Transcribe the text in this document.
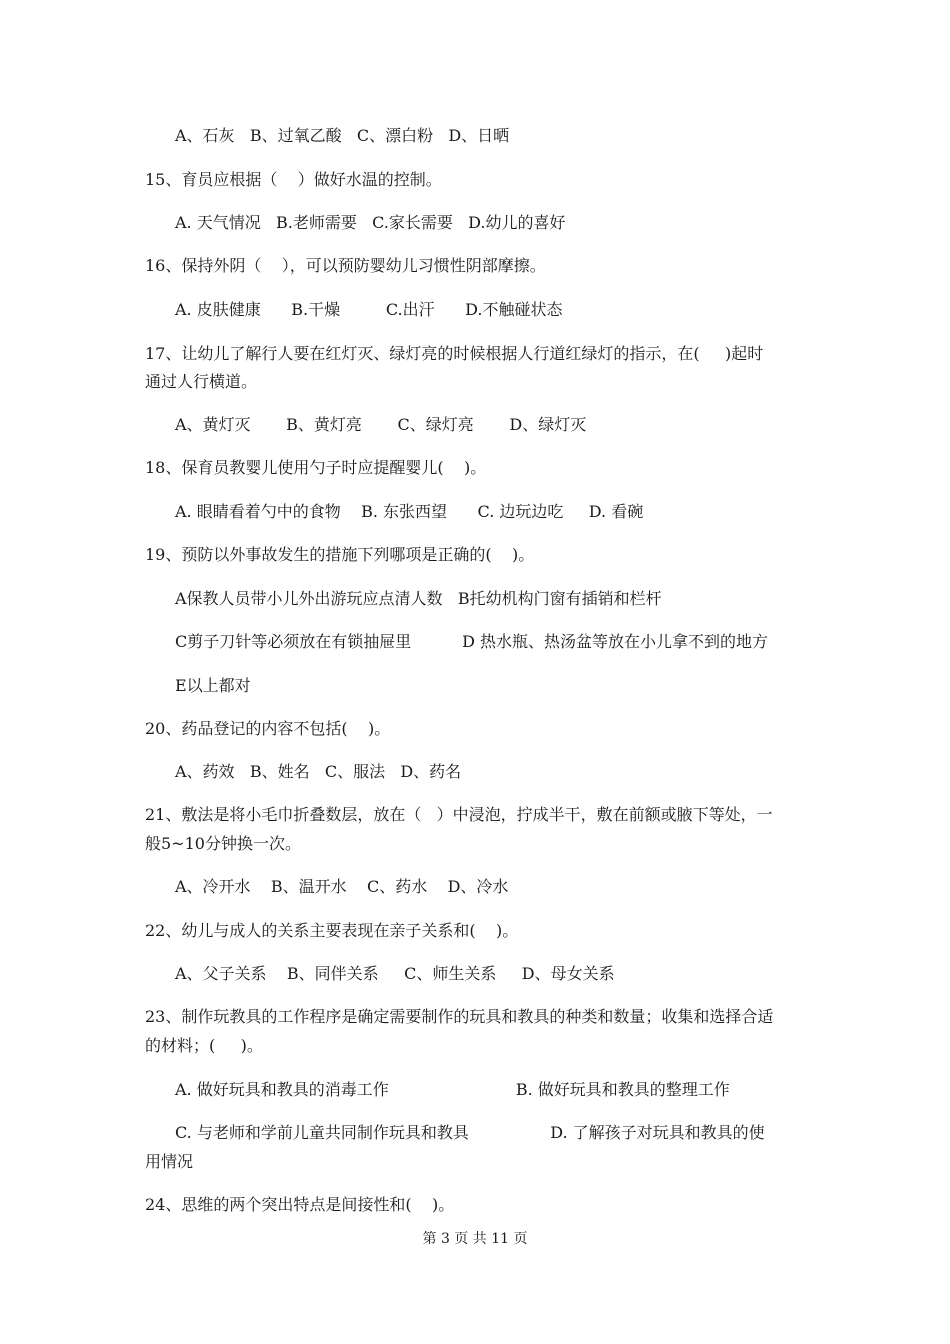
A、石灰   B、过氧乙酸   C、漂白粉   D、日晒
15、育员应根据（    ）做好水温的控制。
A. 天气情况   B.老师需要   C.家长需要   D.幼儿的喜好
16、保持外阴（    ），可以预防婴幼儿习惯性阴部摩擦。
A. 皮肤健康      B.干燥         C.出汗      D.不触碰状态
17、让幼儿了解行人要在红灯灭、绿灯亮的时候根据人行道红绿灯的指示，在(     )起时
通过人行横道。
A、黄灯灭       B、黄灯亮       C、绿灯亮       D、绿灯灭
18、保育员教婴儿使用勺子时应提醒婴儿(    )。
A. 眼睛看着勺中的食物    B. 东张西望      C. 边玩边吃     D. 看碗
19、预防以外事故发生的措施下列哪项是正确的(    )。
A保教人员带小儿外出游玩应点清人数   B托幼机构门窗有插销和栏杆
C剪子刀针等必须放在有锁抽屉里          D 热水瓶、热汤盆等放在小儿拿不到的地方
E以上都对
20、药品登记的内容不包括(    )。
A、药效   B、姓名   C、服法   D、药名
21、敷法是将小毛巾折叠数层，放在（   ）中浸泡，拧成半干，敷在前额或腋下等处，一
般5~10分钟换一次。
A、冷开水    B、温开水    C、药水    D、冷水
22、幼儿与成人的关系主要表现在亲子关系和(    )。
A、父子关系    B、同伴关系     C、师生关系     D、母女关系
23、制作玩教具的工作程序是确定需要制作的玩具和教具的种类和数量；收集和选择合适
的材料；(     )。
A. 做好玩具和教具的消毒工作                         B. 做好玩具和教具的整理工作
C. 与老师和学前儿童共同制作玩具和教具                D. 了解孩子对玩具和教具的使
用情况
24、思维的两个突出特点是间接性和(    )。
第 3 页 共 11 页
